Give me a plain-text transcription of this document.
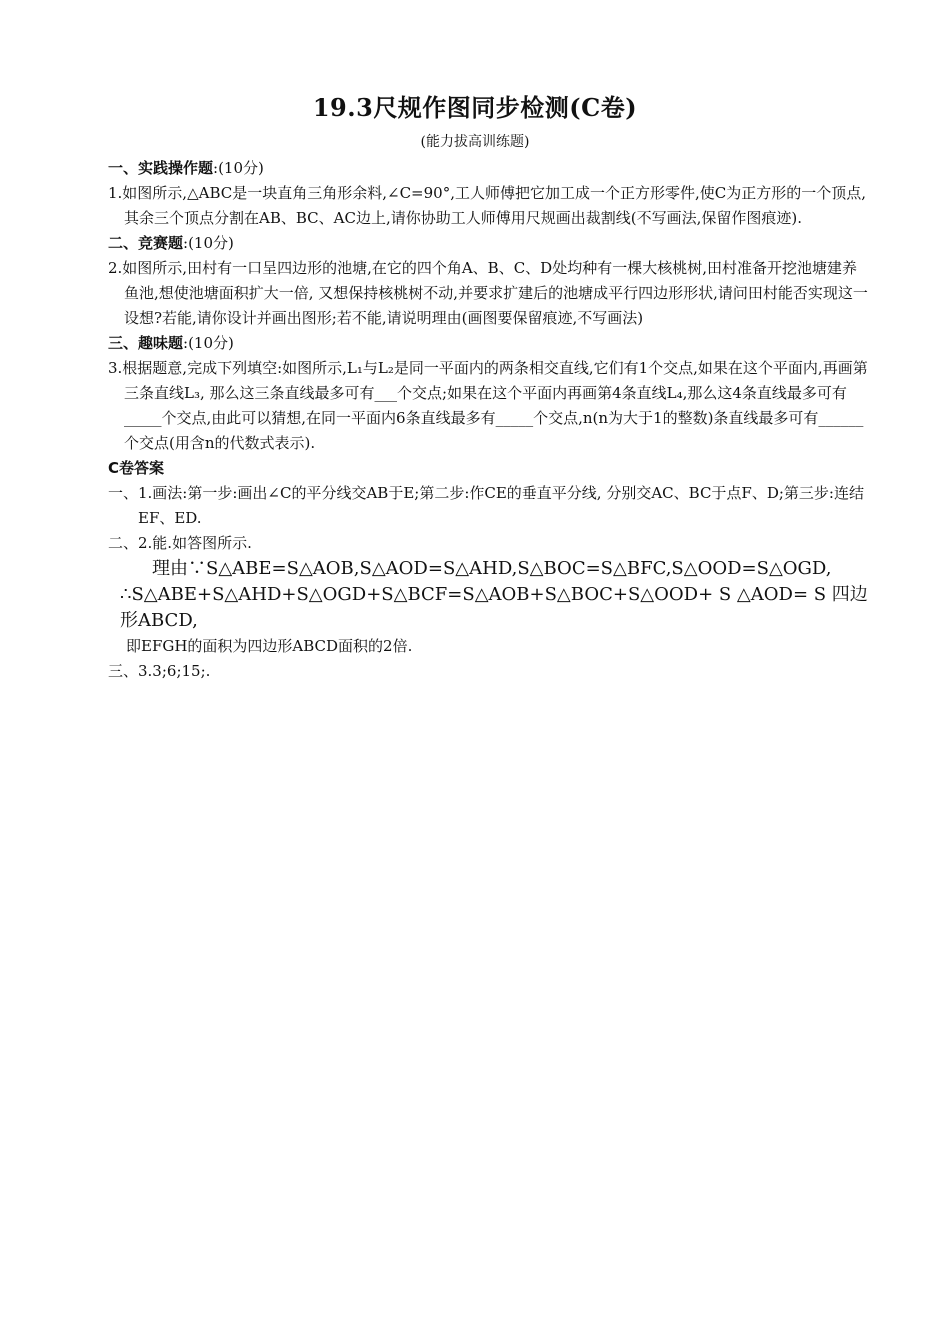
19.3尺规作图同步检测(C卷)
(能力拔高训练题)

一、实践操作题:(10分)

1.如图所示,△ABC是一块直角三角形余料,∠C=90°,工人师傅把它加工成一个正方形零件,使C为正方形的一个顶点,其余三个顶点分割在AB、BC、AC边上,请你协助工人师傅用尺规画出裁割线(不写画法,保留作图痕迹).

二、竞赛题:(10分)

2.如图所示,田村有一口呈四边形的池塘,在它的四个角A、B、C、D处均种有一棵大核桃树,田村准备开挖池塘建养鱼池,想使池塘面积扩大一倍, 又想保持核桃树不动,并要求扩建后的池塘成平行四边形形状,请问田村能否实现这一设想?若能,请你设计并画出图形;若不能,请说明理由(画图要保留痕迹,不写画法)

三、趣味题:(10分)

3.根据题意,完成下列填空:如图所示,L₁与L₂是同一平面内的两条相交直线,它们有1个交点,如果在这个平面内,再画第三条直线L₃, 那么这三条直线最多可有___个交点;如果在这个平面内再画第4条直线L₄,那么这4条直线最多可有_____个交点,由此可以猜想,在同一平面内6条直线最多有_____个交点,n(n为大于1的整数)条直线最多可有______个交点(用含n的代数式表示).

C卷答案

一、1.画法:第一步:画出∠C的平分线交AB于E;第二步:作CE的垂直平分线, 分别交AC、BC于点F、D;第三步:连结EF、ED.

二、2.能.如答图所示.

理由∵S△ABE=S△AOB,S△AOD=S△AHD,S△BOC=S△BFC,S△OOD=S△OGD,

∴S△ABE+S△AHD+S△OGD+S△BCF=S△AOB+S△BOC+S△OOD+ S △AOD= S 四边形ABCD,

即EFGH的面积为四边形ABCD面积的2倍.

三、3.3;6;15;.
